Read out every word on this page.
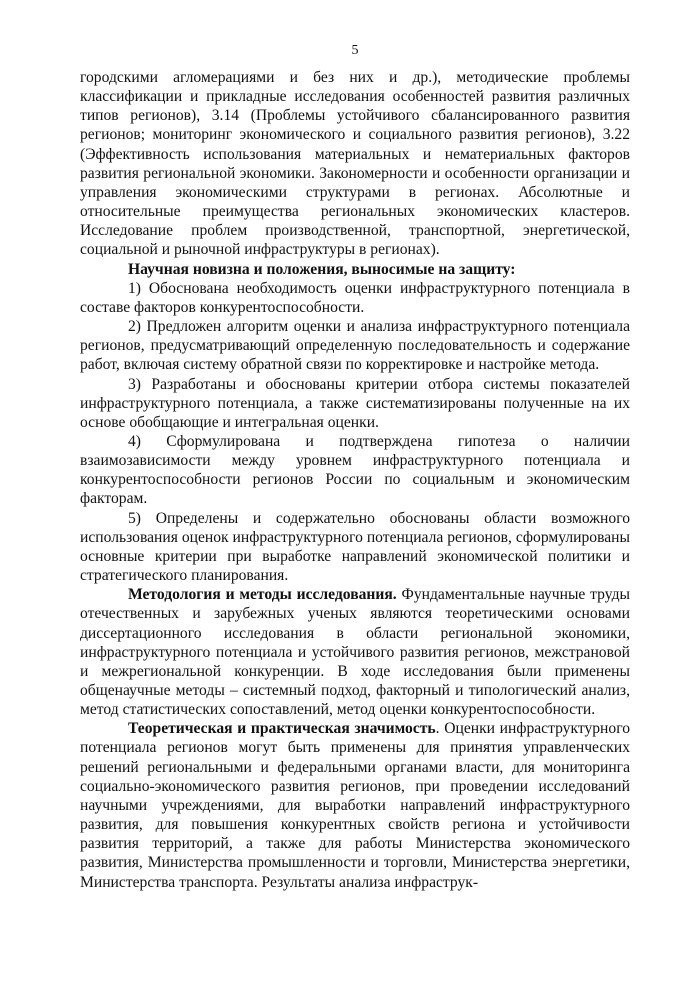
5

городскими агломерациями и без них и др.), методические проблемы классификации и прикладные исследования особенностей развития различных типов регионов), 3.14 (Проблемы устойчивого сбалансированного развития регионов; мониторинг экономического и социального развития регионов), 3.22 (Эффективность использования материальных и нематериальных факторов развития региональной экономики. Закономерности и особенности организации и управления экономическими структурами в регионах. Абсолютные и относительные преимущества региональных экономических кластеров. Исследование проблем производственной, транспортной, энергетической, социальной и рыночной инфраструктуры в регионах).

Научная новизна и положения, выносимые на защиту:

1) Обоснована необходимость оценки инфраструктурного потенциала в составе факторов конкурентоспособности.

2) Предложен алгоритм оценки и анализа инфраструктурного потенциала регионов, предусматривающий определенную последовательность и содержание работ, включая систему обратной связи по корректировке и настройке метода.

3) Разработаны и обоснованы критерии отбора системы показателей инфраструктурного потенциала, а также систематизированы полученные на их основе обобщающие и интегральная оценки.

4) Сформулирована и подтверждена гипотеза о наличии взаимозависимости между уровнем инфраструктурного потенциала и конкурентоспособности регионов России по социальным и экономическим факторам.

5) Определены и содержательно обоснованы области возможного использования оценок инфраструктурного потенциала регионов, сформулированы основные критерии при выработке направлений экономической политики и стратегического планирования.

Методология и методы исследования. Фундаментальные научные труды отечественных и зарубежных ученых являются теоретическими основами диссертационного исследования в области региональной экономики, инфраструктурного потенциала и устойчивого развития регионов, межстрановой и межрегиональной конкуренции. В ходе исследования были применены общенаучные методы – системный подход, факторный и типологический анализ, метод статистических сопоставлений, метод оценки конкурентоспособности.

Теоретическая и практическая значимость. Оценки инфраструктурного потенциала регионов могут быть применены для принятия управленческих решений региональными и федеральными органами власти, для мониторинга социально-экономического развития регионов, при проведении исследований научными учреждениями, для выработки направлений инфраструктурного развития, для повышения конкурентных свойств региона и устойчивости развития территорий, а также для работы Министерства экономического развития, Министерства промышленности и торговли, Министерства энергетики, Министерства транспорта. Результаты анализа инфраструк-
